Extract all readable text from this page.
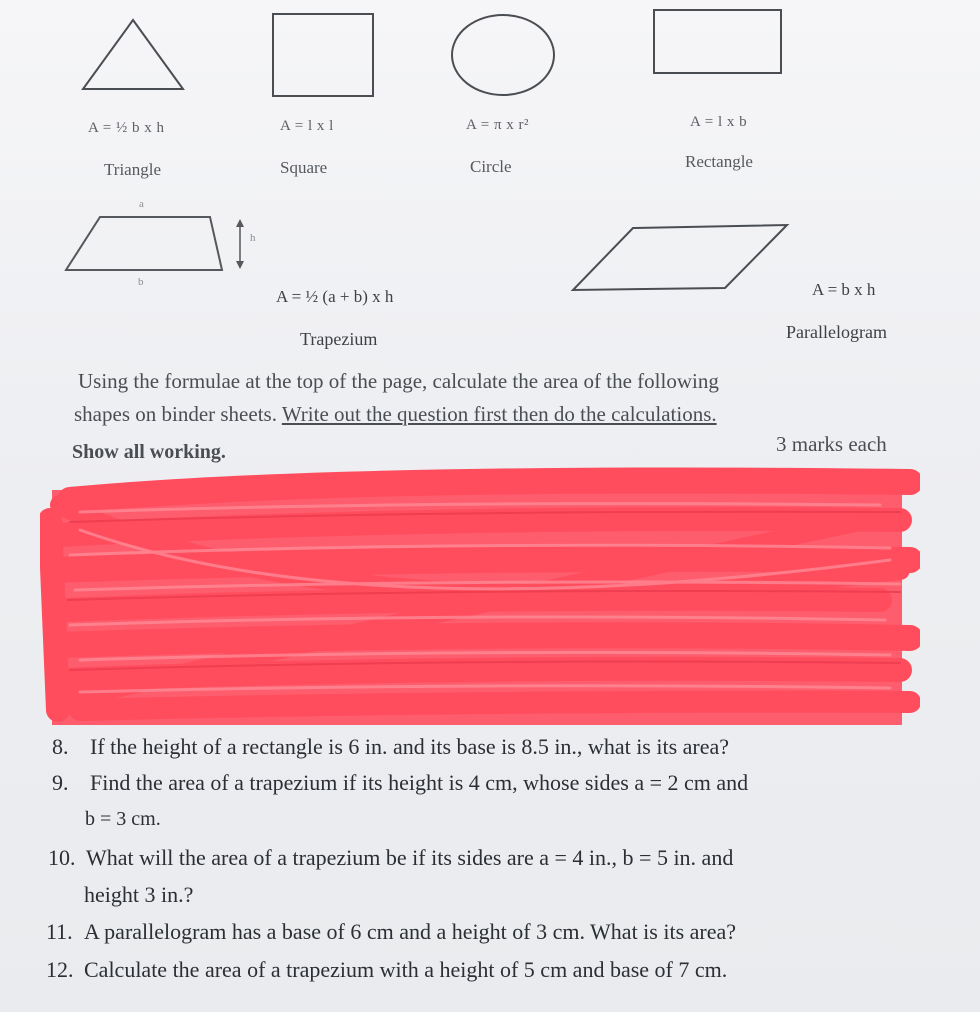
A = ½ b x h	A = l x l	A = π x r²	A = l x b
Triangle	Square	Circle	Rectangle
a
b
h
A = ½ (a + b) x h	A = b x h
Trapezium	Parallelogram
Using the formulae at the top of the page, calculate the area of the following
shapes on binder sheets. Write out the question first then do the calculations.
Show all working.	3 marks each
8. If the height of a rectangle is 6 in. and its base is 8.5 in., what is its area?
9. Find the area of a trapezium if its height is 4 cm, whose sides a = 2 cm and
b = 3 cm.
10. What will the area of a trapezium be if its sides are a = 4 in., b = 5 in. and
height 3 in.?
11. A parallelogram has a base of 6 cm and a height of 3 cm. What is its area?
12. Calculate the area of a trapezium with a height of 5 cm and base of 7 cm.
